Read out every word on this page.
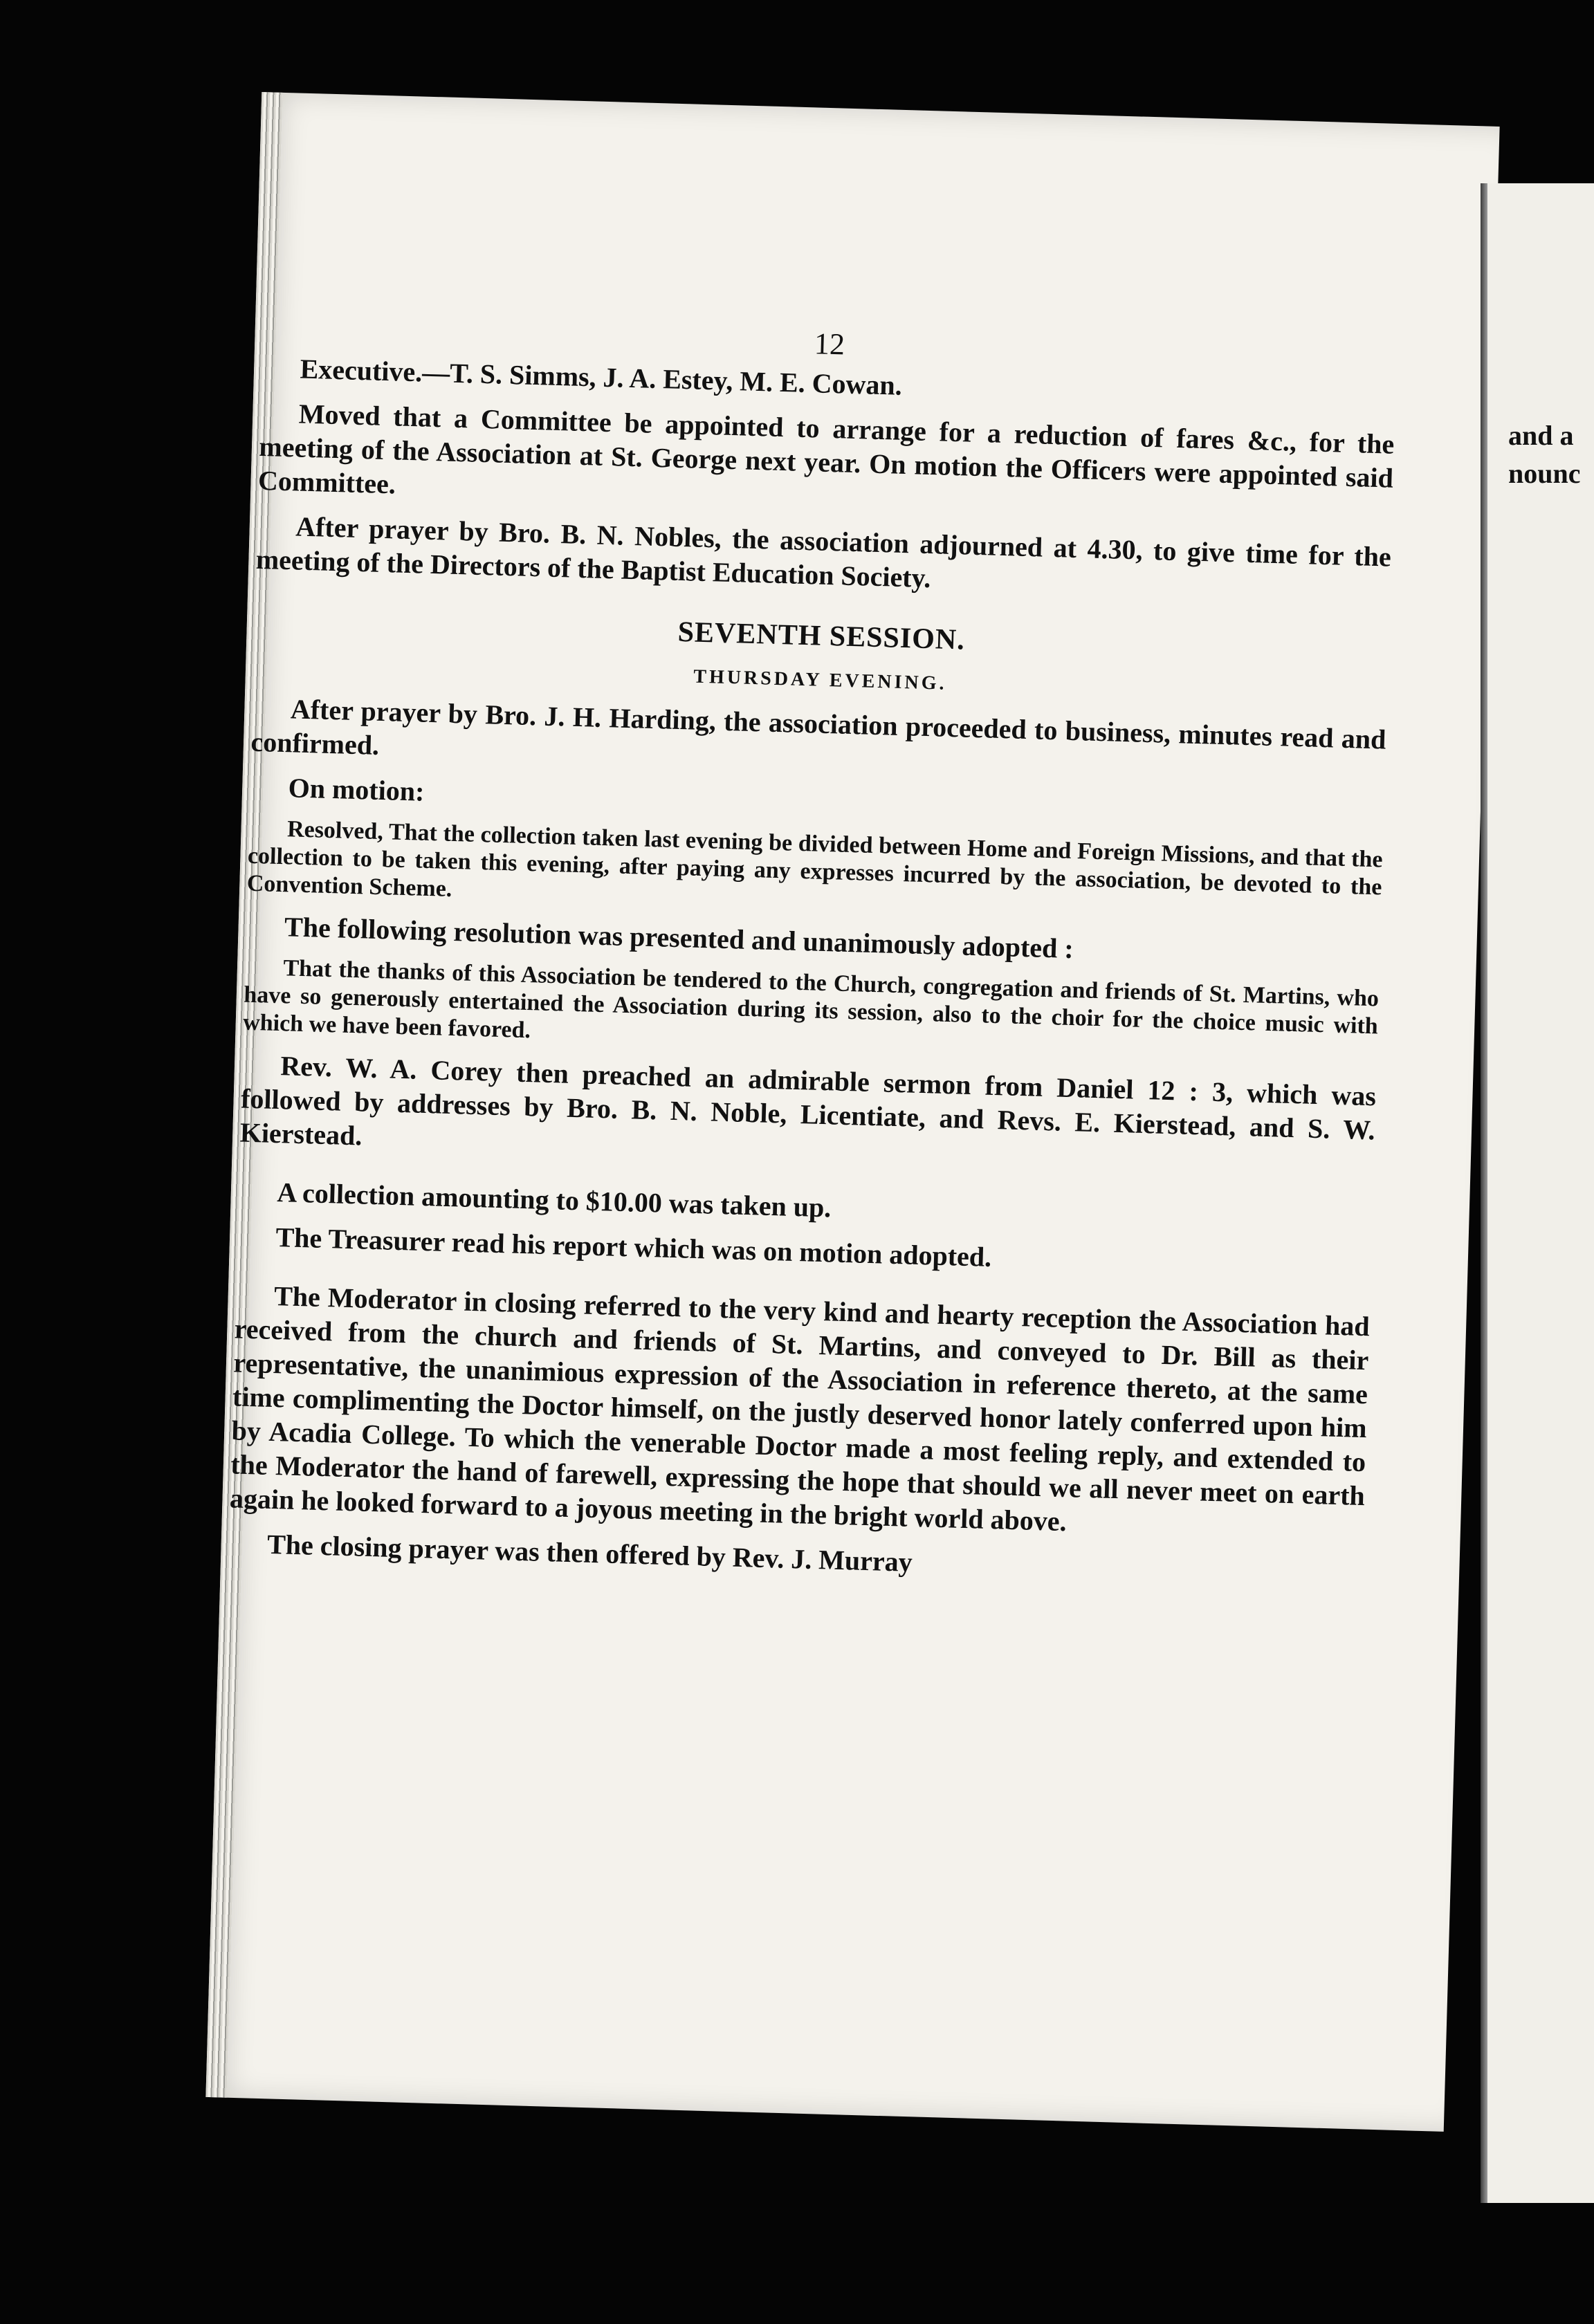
and a
nounc
12

Executive.—T. S. Simms, J. A. Estey, M. E. Cowan.

Moved that a Committee be appointed to arrange for a reduction of fares &c., for the meeting of the Association at St. George next year. On motion the Officers were appointed said Committee.

After prayer by Bro. B. N. Nobles, the association adjourned at 4.30, to give time for the meeting of the Directors of the Baptist Education Society.

SEVENTH SESSION.
THURSDAY EVENING.

After prayer by Bro. J. H. Harding, the association proceeded to business, minutes read and confirmed.

On motion:

Resolved, That the collection taken last evening be divided between Home and Foreign Missions, and that the collection to be taken this evening, after paying any expresses incurred by the association, be devoted to the Convention Scheme.

The following resolution was presented and unanimously adopted :

That the thanks of this Association be tendered to the Church, congregation and friends of St. Martins, who have so generously entertained the Association during its session, also to the choir for the choice music with which we have been favored.

Rev. W. A. Corey then preached an admirable sermon from Daniel 12 : 3, which was followed by addresses by Bro. B. N. Noble, Licentiate, and Revs. E. Kierstead, and S. W. Kierstead.

A collection amounting to $10.00 was taken up.

The Treasurer read his report which was on motion adopted.

The Moderator in closing referred to the very kind and hearty reception the Association had received from the church and friends of St. Martins, and conveyed to Dr. Bill as their representative, the unanimious expression of the Association in reference thereto, at the same time complimenting the Doctor himself, on the justly deserved honor lately conferred upon him by Acadia College. To which the venerable Doctor made a most feeling reply, and extended to the Moderator the hand of farewell, expressing the hope that should we all never meet on earth again he looked forward to a joyous meeting in the bright world above.

The closing prayer was then offered by Rev. J. Murray
